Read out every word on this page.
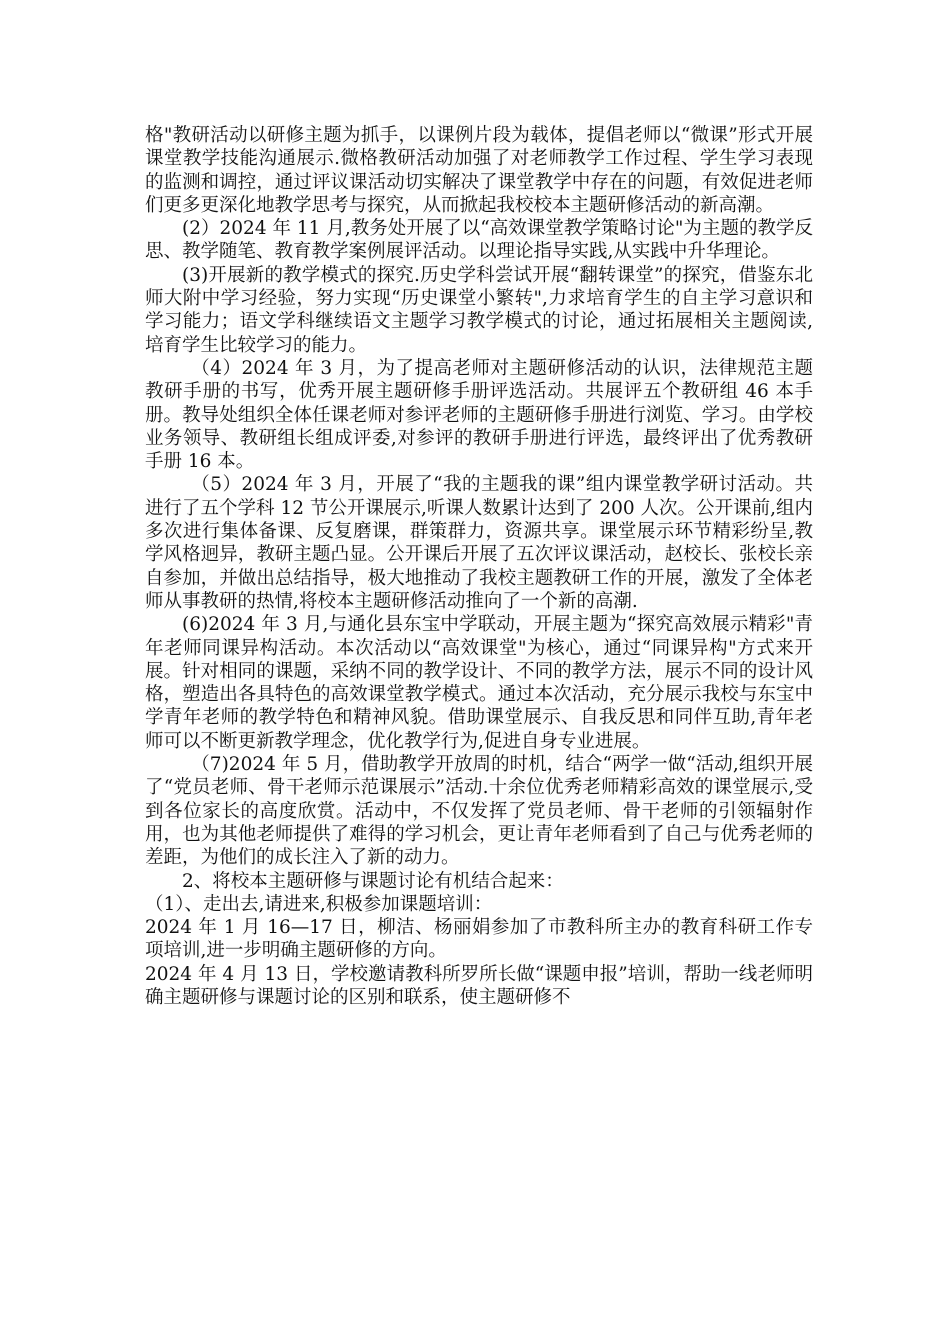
格"教研活动以研修主题为抓手，以课例片段为载体，提倡老师以“微课”形式开展课堂教学技能沟通展示.微格教研活动加强了对老师教学工作过程、学生学习表现的监测和调控，通过评议课活动切实解决了课堂教学中存在的问题，有效促进老师们更多更深化地教学思考与探究，从而掀起我校校本主题研修活动的新高潮。

(2）2024 年 11 月,教务处开展了以“高效课堂教学策略讨论"为主题的教学反思、教学随笔、教育教学案例展评活动。以理论指导实践,从实践中升华理论。

(3)开展新的教学模式的探究.历史学科尝试开展“翻转课堂”的探究，借鉴东北师大附中学习经验，努力实现“历史课堂小繁转",力求培育学生的自主学习意识和学习能力；语文学科继续语文主题学习教学模式的讨论，通过拓展相关主题阅读,培育学生比较学习的能力。

（4）2024 年 3 月，为了提高老师对主题研修活动的认识，法律规范主题教研手册的书写，优秀开展主题研修手册评选活动。共展评五个教研组 46 本手册。教导处组织全体任课老师对参评老师的主题研修手册进行浏览、学习。由学校业务领导、教研组长组成评委,对参评的教研手册进行评选，最终评出了优秀教研手册 16 本。

（5）2024 年 3 月，开展了“我的主题我的课”组内课堂教学研讨活动。共进行了五个学科 12 节公开课展示,听课人数累计达到了 200 人次。公开课前,组内多次进行集体备课、反复磨课，群策群力，资源共享。课堂展示环节精彩纷呈,教学风格迥异，教研主题凸显。公开课后开展了五次评议课活动，赵校长、张校长亲自参加，并做出总结指导，极大地推动了我校主题教研工作的开展，激发了全体老师从事教研的热情,将校本主题研修活动推向了一个新的高潮.

(6)2024 年 3 月,与通化县东宝中学联动，开展主题为“探究高效展示精彩"青年老师同课异构活动。本次活动以“高效课堂"为核心，通过“同课异构"方式来开展。针对相同的课题，采纳不同的教学设计、不同的教学方法，展示不同的设计风格，塑造出各具特色的高效课堂教学模式。通过本次活动，充分展示我校与东宝中学青年老师的教学特色和精神风貌。借助课堂展示、自我反思和同伴互助,青年老师可以不断更新教学理念，优化教学行为,促进自身专业进展。

（7)2024 年 5 月，借助教学开放周的时机，结合“两学一做“活动,组织开展了“党员老师、骨干老师示范课展示”活动.十余位优秀老师精彩高效的课堂展示,受到各位家长的高度欣赏。活动中，不仅发挥了党员老师、骨干老师的引领辐射作用，也为其他老师提供了难得的学习机会，更让青年老师看到了自己与优秀老师的差距，为他们的成长注入了新的动力。

2、将校本主题研修与课题讨论有机结合起来：

（1）、走出去,请进来,积极参加课题培训：

2024 年 1 月 16—17 日，柳洁、杨丽娟参加了市教科所主办的教育科研工作专项培训,进一步明确主题研修的方向。

2024 年 4 月 13 日，学校邀请教科所罗所长做“课题申报”培训，帮助一线老师明确主题研修与课题讨论的区别和联系，使主题研修不
